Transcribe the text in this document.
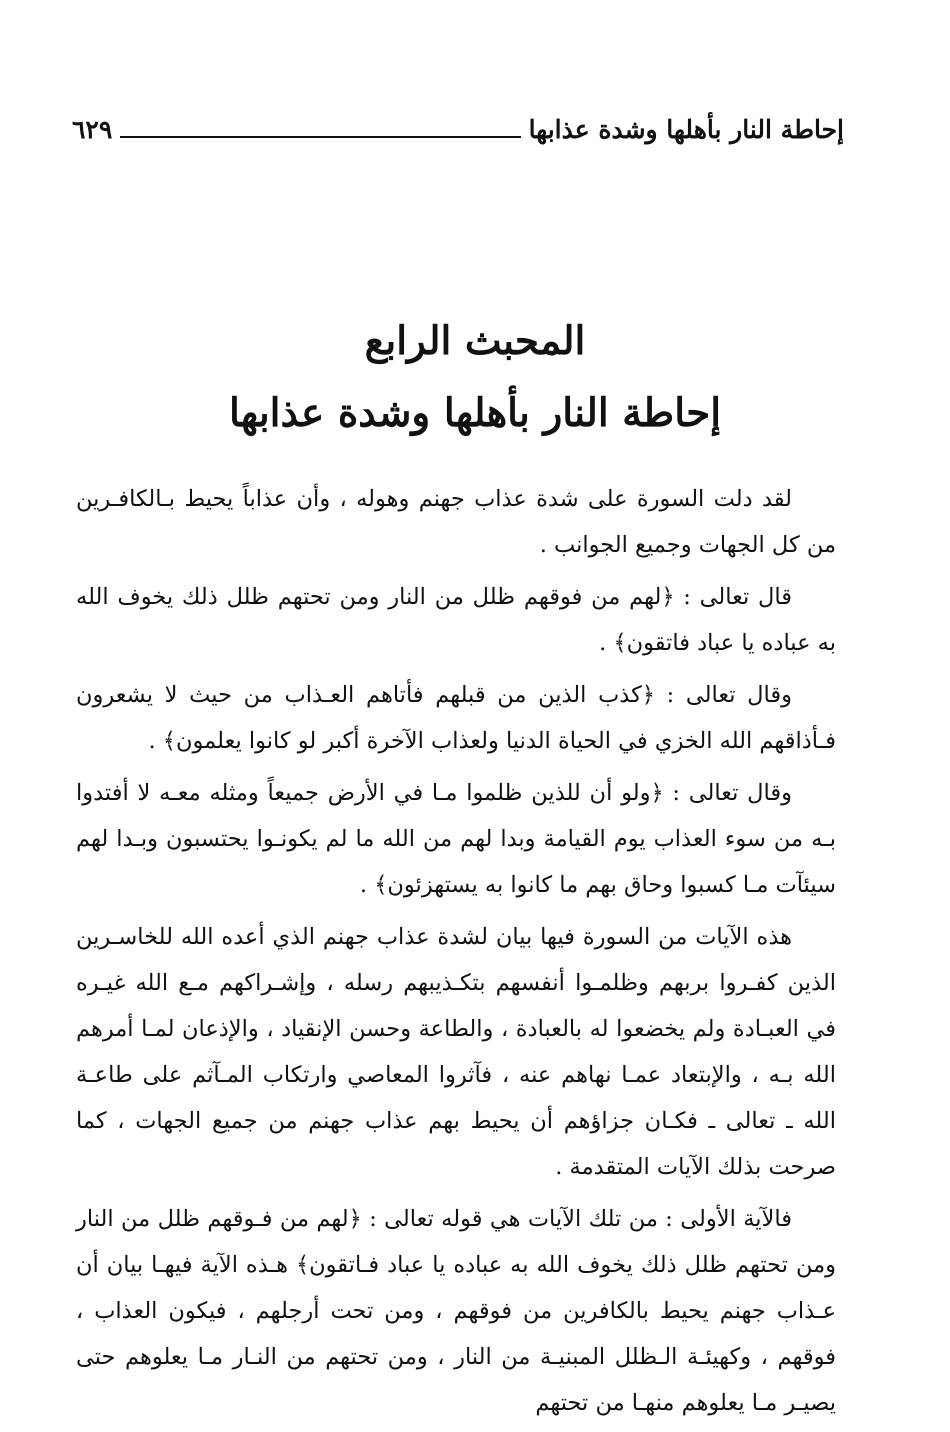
إحاطة النار بأهلها وشدة عذابها
٦٢٩
المحبث الرابع
إحاطة النار بأهلها وشدة عذابها

لقد دلت السورة على شدة عذاب جهنم وهوله ، وأن عذاباً يحيط بـالكافـرين من كل الجهات وجميع الجوانب .

قال تعالى : ﴿لهم من فوقهم ظلل من النار ومن تحتهم ظلل ذلك يخوف الله به عباده يا عباد فاتقون﴾ .

وقال تعالى : ﴿كذب الذين من قبلهم فأتاهم العـذاب من حيث لا يشعرون فـأذاقهم الله الخزي في الحياة الدنيا ولعذاب الآخرة أكبر لو كانوا يعلمون﴾ .

وقال تعالى : ﴿ولو أن للذين ظلموا مـا في الأرض جميعاً ومثله معـه لا أفتدوا بـه من سوء العذاب يوم القيامة وبدا لهم من الله ما لم يكونـوا يحتسبون وبـدا لهم سيئآت مـا كسبوا وحاق بهم ما كانوا به يستهزئون﴾ .

هذه الآيات من السورة فيها بيان لشدة عذاب جهنم الذي أعده الله للخاسـرين الذين كفـروا بربهم وظلمـوا أنفسهم بتكـذيبهم رسله ، وإشـراكهم مـع الله غيـره في العبـادة ولم يخضعوا له بالعبادة ، والطاعة وحسن الإنقياد ، والإذعان لمـا أمرهم الله بـه ، والإبتعاد عمـا نهاهم عنه ، فآثروا المعاصي وارتكاب المـآثم على طاعـة الله ـ تعالى ـ فكـان جزاؤهم أن يحيط بهم عذاب جهنم من جميع الجهات ، كما صرحت بذلك الآيات المتقدمة .

فالآية الأولى : من تلك الآيات هي قوله تعالى : ﴿لهم من فـوقهم ظلل من النار ومن تحتهم ظلل ذلك يخوف الله به عباده يا عباد فـاتقون﴾ هـذه الآية فيهـا بيان أن عـذاب جهنم يحيط بالكافرين من فوقهم ، ومن تحت أرجلهم ، فيكون العذاب ، فوقهم ، وكهيئـة الـظلل المبنيـة من النار ، ومن تحتهم من النـار مـا يعلوهم حتى يصيـر مـا يعلوهم منهـا من تحتهم
